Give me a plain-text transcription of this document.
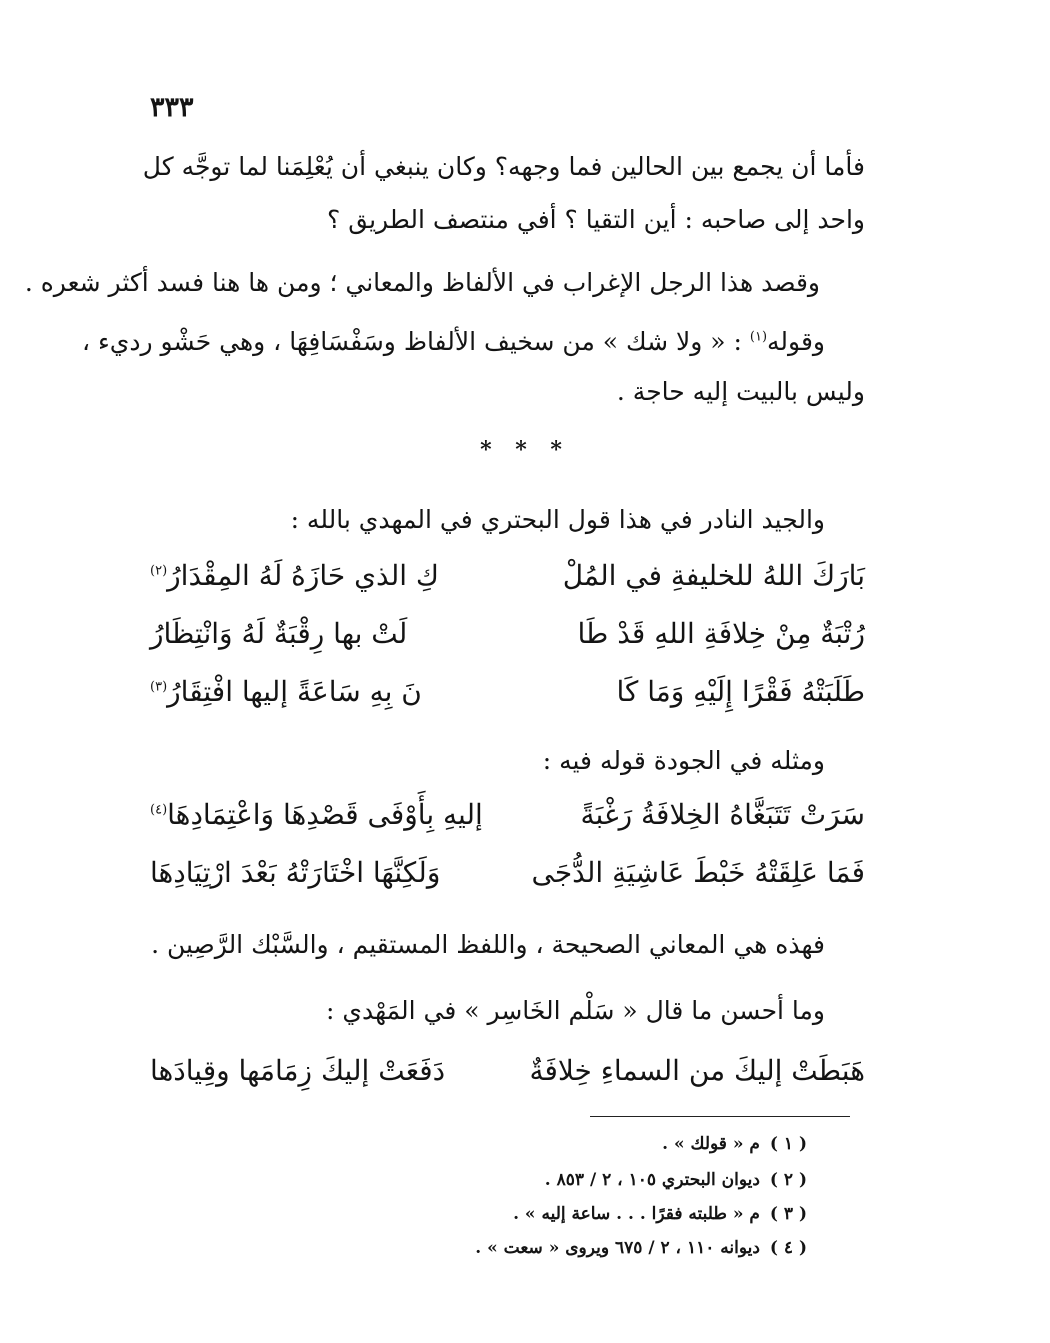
٣٣٣
فأما أن يجمع بين الحالين فما وجهه؟ وكان ينبغي أن يُعْلِمَنا لما توجَّه كل
واحد إلى صاحبه : أين التقيا ؟ أفي منتصف الطريق ؟
وقصد هذا الرجل الإغراب في الألفاظ والمعاني ؛ ومن ها هنا فسد أكثر شعره .
وقوله$^{(١)}$ : « ولا شك » من سخيف الألفاظ وسَفْسَافِهَا ، وهي حَشْو رديء ،
وليس بالبيت إليه حاجة .
* * *
والجيد النادر في هذا قول البحتري في المهدي بالله :
بَارَكَ اللهُ للخليفةِ في المُلْ
كِ الذي حَازَهُ لَهُ المِقْدَارُ$^{(٢)}$
رُتْبَةٌ مِنْ خِلافَةِ اللهِ قَدْ طَا
لَتْ بها رِقْبَةٌ لَهُ وَانْتِظَارُ
طَلَبَتْهُ فَقْرًا إِلَيْهِ وَمَا كَا
نَ بِهِ سَاعَةً إليها افْتِقَارُ$^{(٣)}$
ومثله في الجودة قوله فيه :
سَرَتْ تَتَبَغَّاهُ الخِلافَةُ رَغْبَةً
إليهِ بِأَوْفَى قَصْدِهَا وَاعْتِمَادِهَا$^{(٤)}$
فَمَا عَلِقَتْهُ خَبْطَ عَاشِيَةِ الدُّجَى
وَلَكِنَّهَا اخْتَارَتْهُ بَعْدَ ارْتِيَادِهَا
فهذه هي المعاني الصحيحة ، واللفظ المستقيم ، والسَّبْك الرَّصِين .
وما أحسن ما قال « سَلْم الخَاسِر » في المَهْدي :
هَبَطَتْ إليكَ من السماءِ خِلافَةٌ
دَفَعَتْ إليكَ زِمَامَها وقِيادَها
( ١ )م « قولك » .
( ٢ )ديوان البحتري ١٠٥ ، ٢ / ٨٥٣ .
( ٣ )م « طلبته فقرًا . . . ساعة إليه » .
( ٤ )ديوانه ١١٠ ، ٢ / ٦٧٥ ويروى « سعت » .
